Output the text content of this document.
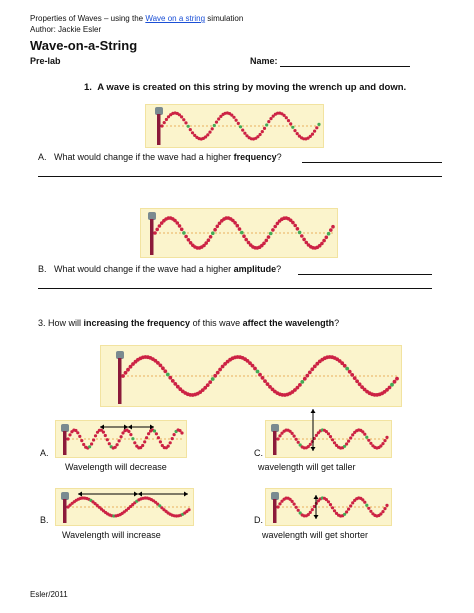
Properties of Waves – using the Wave on a string simulation
Author: Jackie Esler
Wave-on-a-String
Pre-lab	Name:
1. A wave is created on this string by moving the wrench up and down.
A. What would change if the wave had a higher frequency?
B. What would change if the wave had a higher amplitude?
3. How will increasing the frequency of this wave affect the wavelength?
A.
Wavelength will decrease
C.
wavelength will get taller
B.
Wavelength will increase
D.
wavelength will get shorter
Esler/2011
